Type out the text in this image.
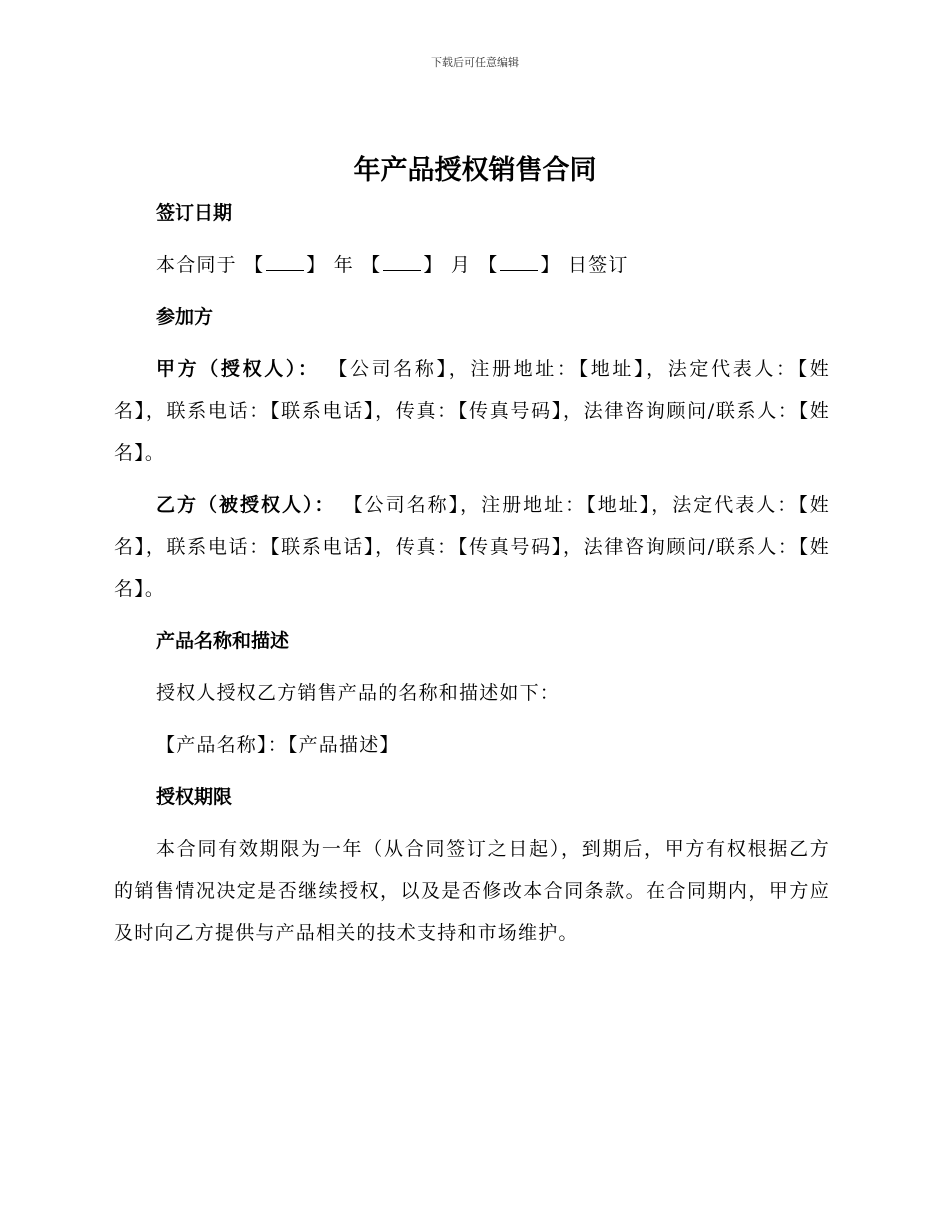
下载后可任意编辑
年产品授权销售合同
签订日期
本合同于 【 】 年 【 】 月 【 】 日签订
参加方
甲方（授权人）： 【公司名称】，注册地址：【地址】，法定代表人：【姓名】，联系电话：【联系电话】，传真：【传真号码】，法律咨询顾问/联系人：【姓名】。
乙方（被授权人）： 【公司名称】，注册地址：【地址】，法定代表人：【姓名】，联系电话：【联系电话】，传真：【传真号码】，法律咨询顾问/联系人：【姓名】。
产品名称和描述
授权人授权乙方销售产品的名称和描述如下：
【产品名称】：【产品描述】
授权期限
本合同有效期限为一年（从合同签订之日起），到期后，甲方有权根据乙方的销售情况决定是否继续授权，以及是否修改本合同条款。在合同期内，甲方应及时向乙方提供与产品相关的技术支持和市场维护。
